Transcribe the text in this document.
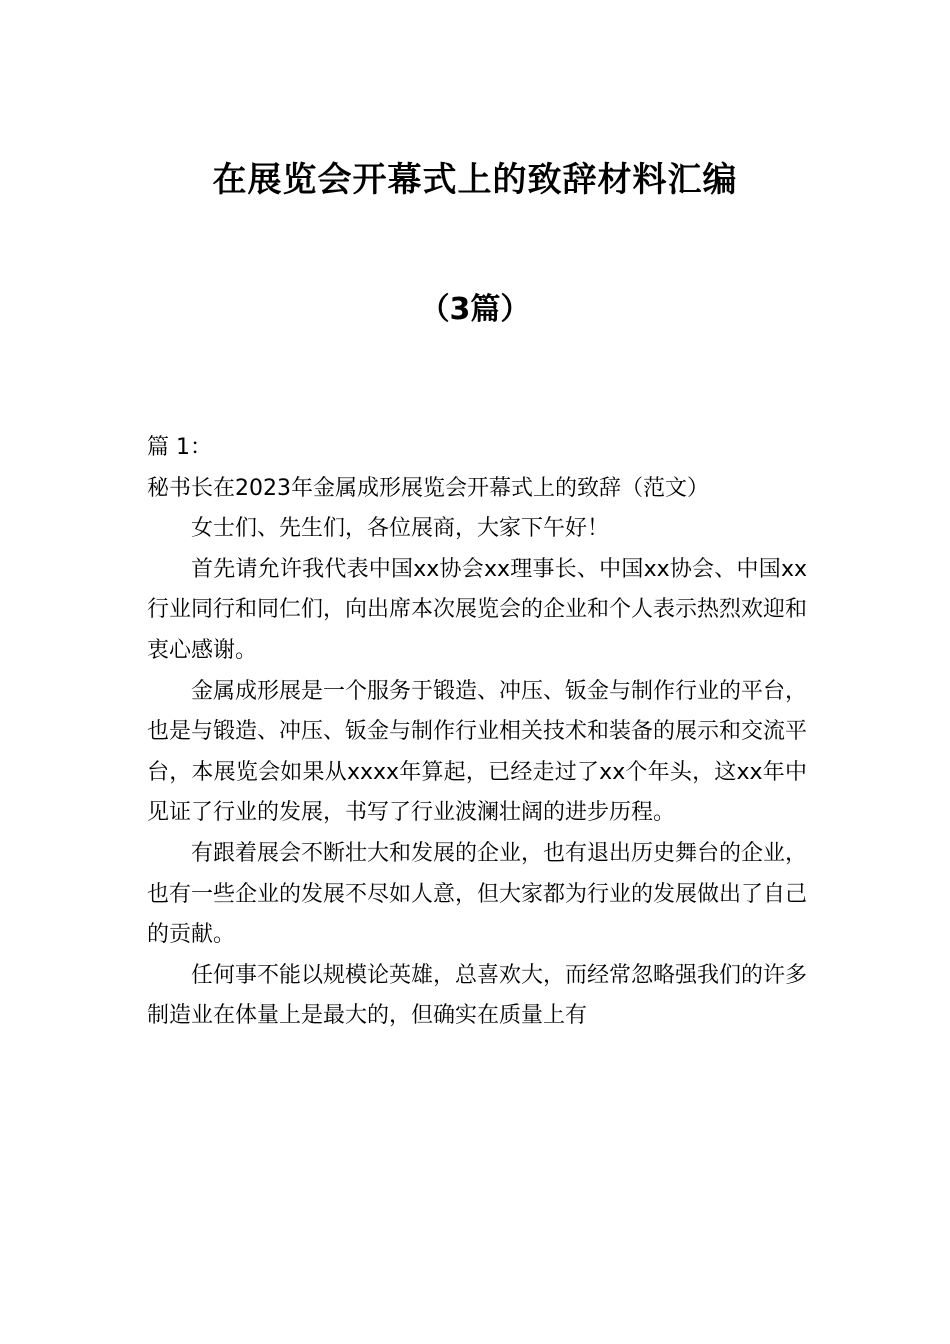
在展览会开幕式上的致辞材料汇编
（3篇）

篇 1：

秘书长在2023年金属成形展览会开幕式上的致辞（范文）

女士们、先生们，各位展商，大家下午好！

首先请允许我代表中国xx协会xx理事长、中国xx协会、中国xx行业同行和同仁们，向出席本次展览会的企业和个人表示热烈欢迎和衷心感谢。

金属成形展是一个服务于锻造、冲压、钣金与制作行业的平台，也是与锻造、冲压、钣金与制作行业相关技术和装备的展示和交流平台，本展览会如果从xxxx年算起，已经走过了xx个年头，这xx年中见证了行业的发展，书写了行业波澜壮阔的进步历程。

有跟着展会不断壮大和发展的企业，也有退出历史舞台的企业，也有一些企业的发展不尽如人意，但大家都为行业的发展做出了自己的贡献。

任何事不能以规模论英雄，总喜欢大，而经常忽略强我们的许多制造业在体量上是最大的，但确实在质量上有
